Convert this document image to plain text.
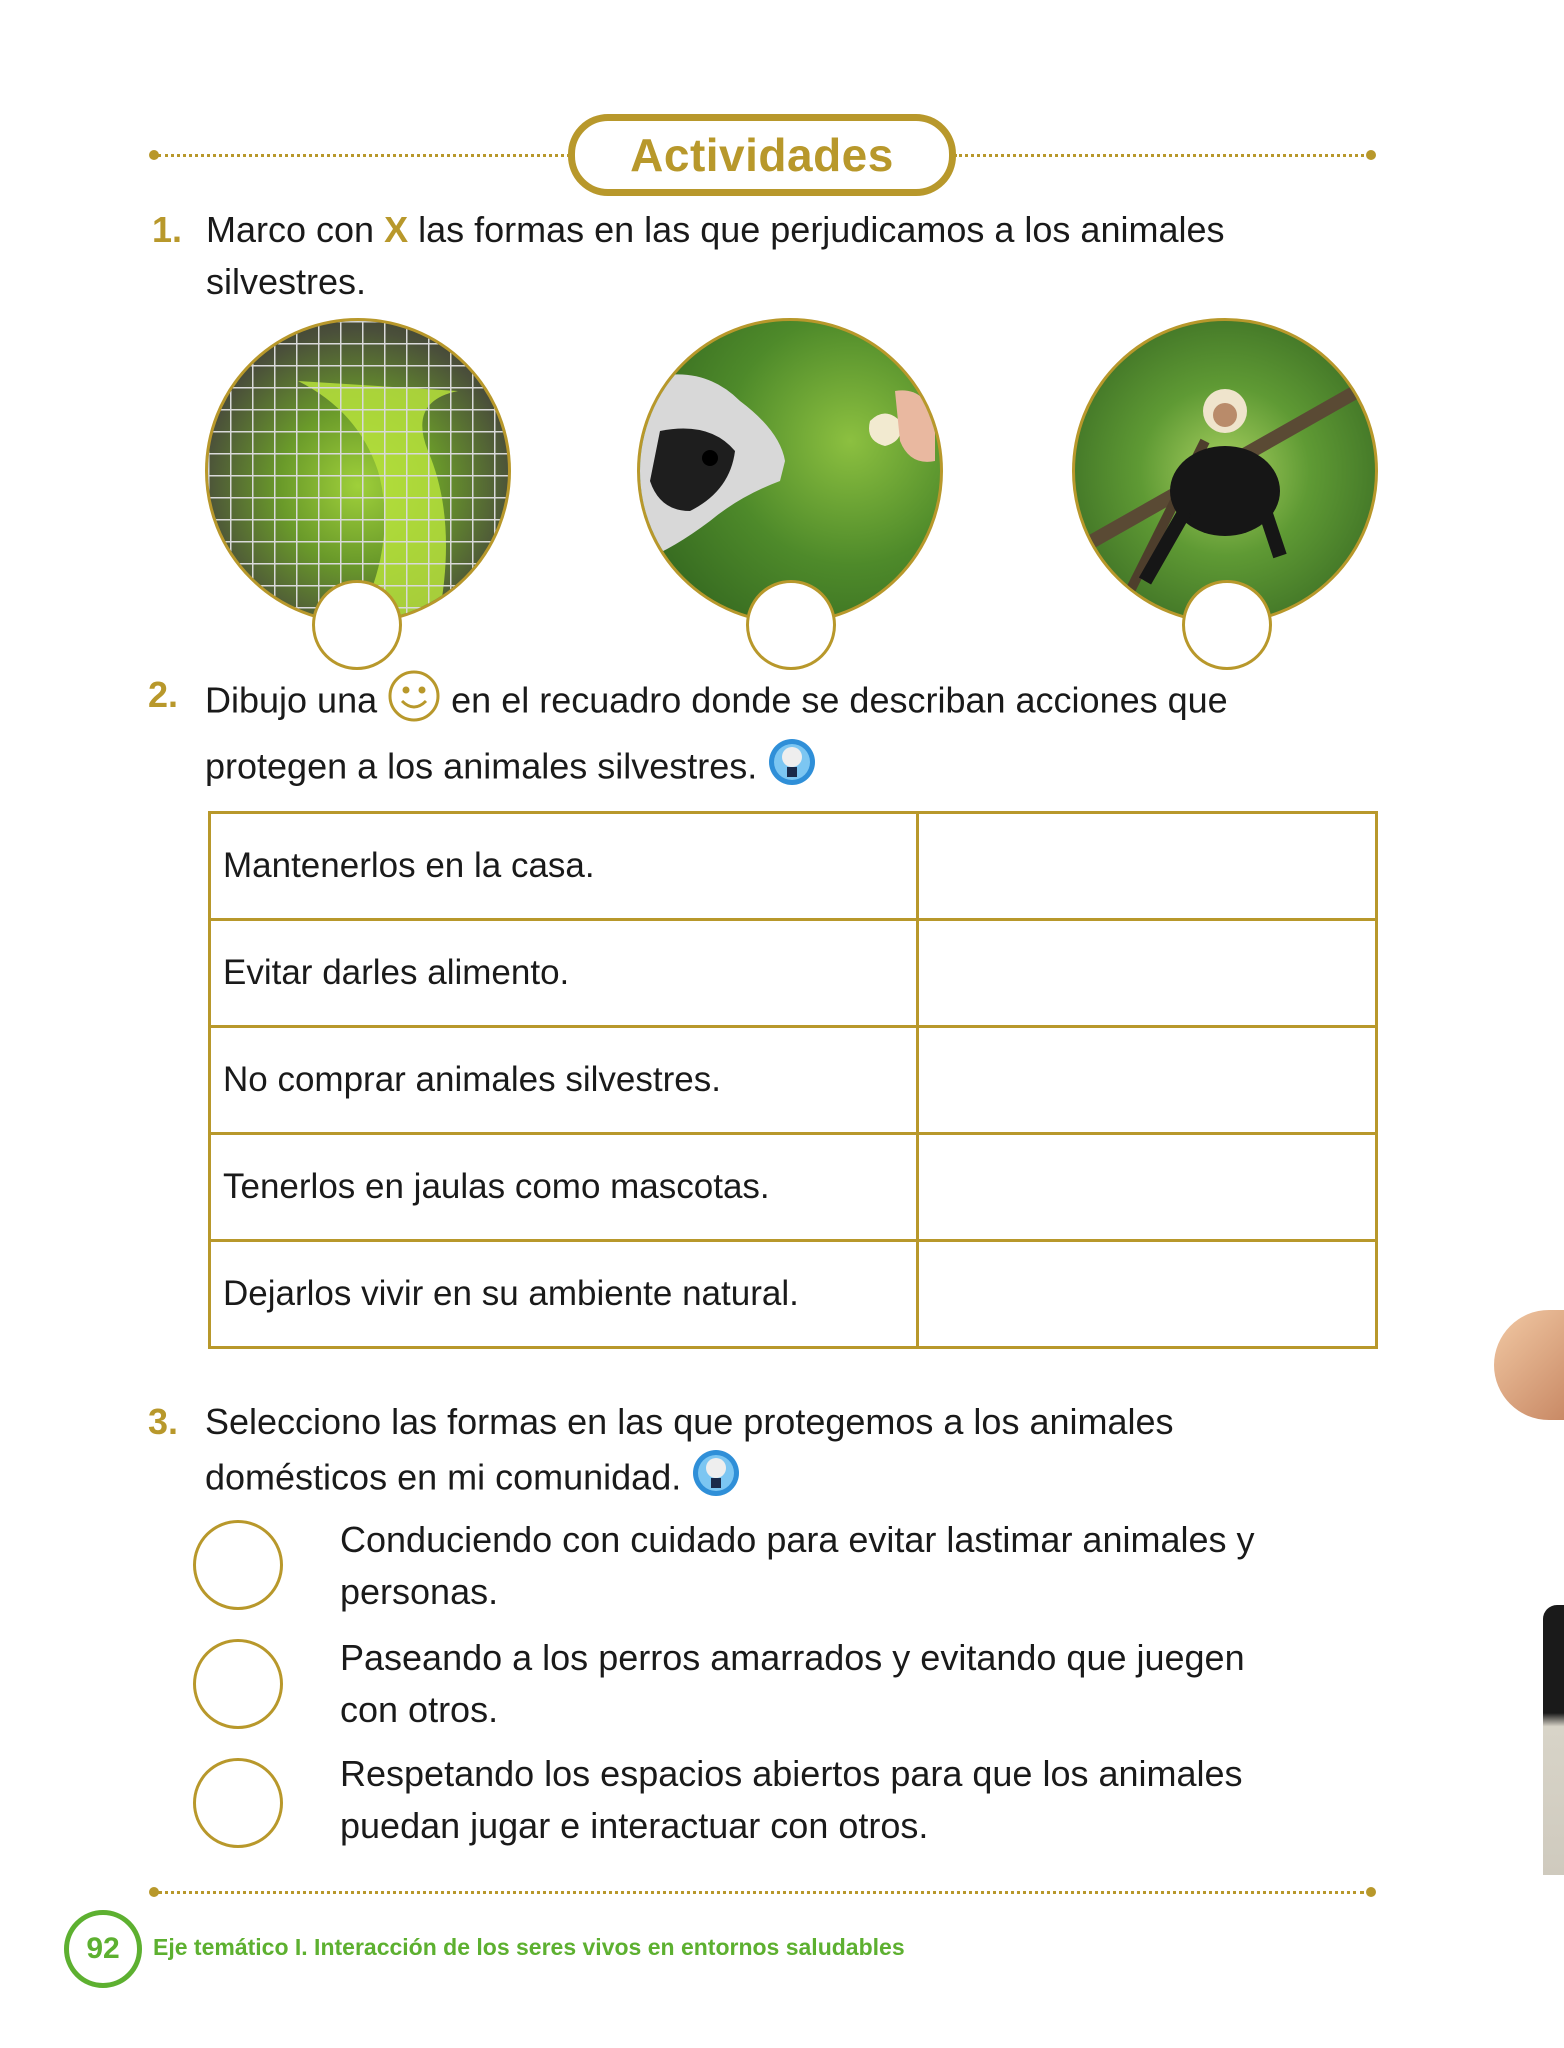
Actividades
1. Marco con X las formas en las que perjudicamos a los animales
silvestres.
2. Dibujo una  en el recuadro donde se describan acciones que
protegen a los animales silvestres.
Mantenerlos en la casa.	
Evitar darles alimento.	
No comprar animales silvestres.	
Tenerlos en jaulas como mascotas.	
Dejarlos vivir en su ambiente natural.	
3. Selecciono las formas en las que protegemos a los animales
domésticos en mi comunidad.
Conduciendo con cuidado para evitar lastimar animales y
personas.
Paseando a los perros amarrados y evitando que juegen
con otros.
Respetando los espacios abiertos para que los animales
puedan jugar e interactuar con otros.
92	Eje temático I. Interacción de los seres vivos en entornos saludables
